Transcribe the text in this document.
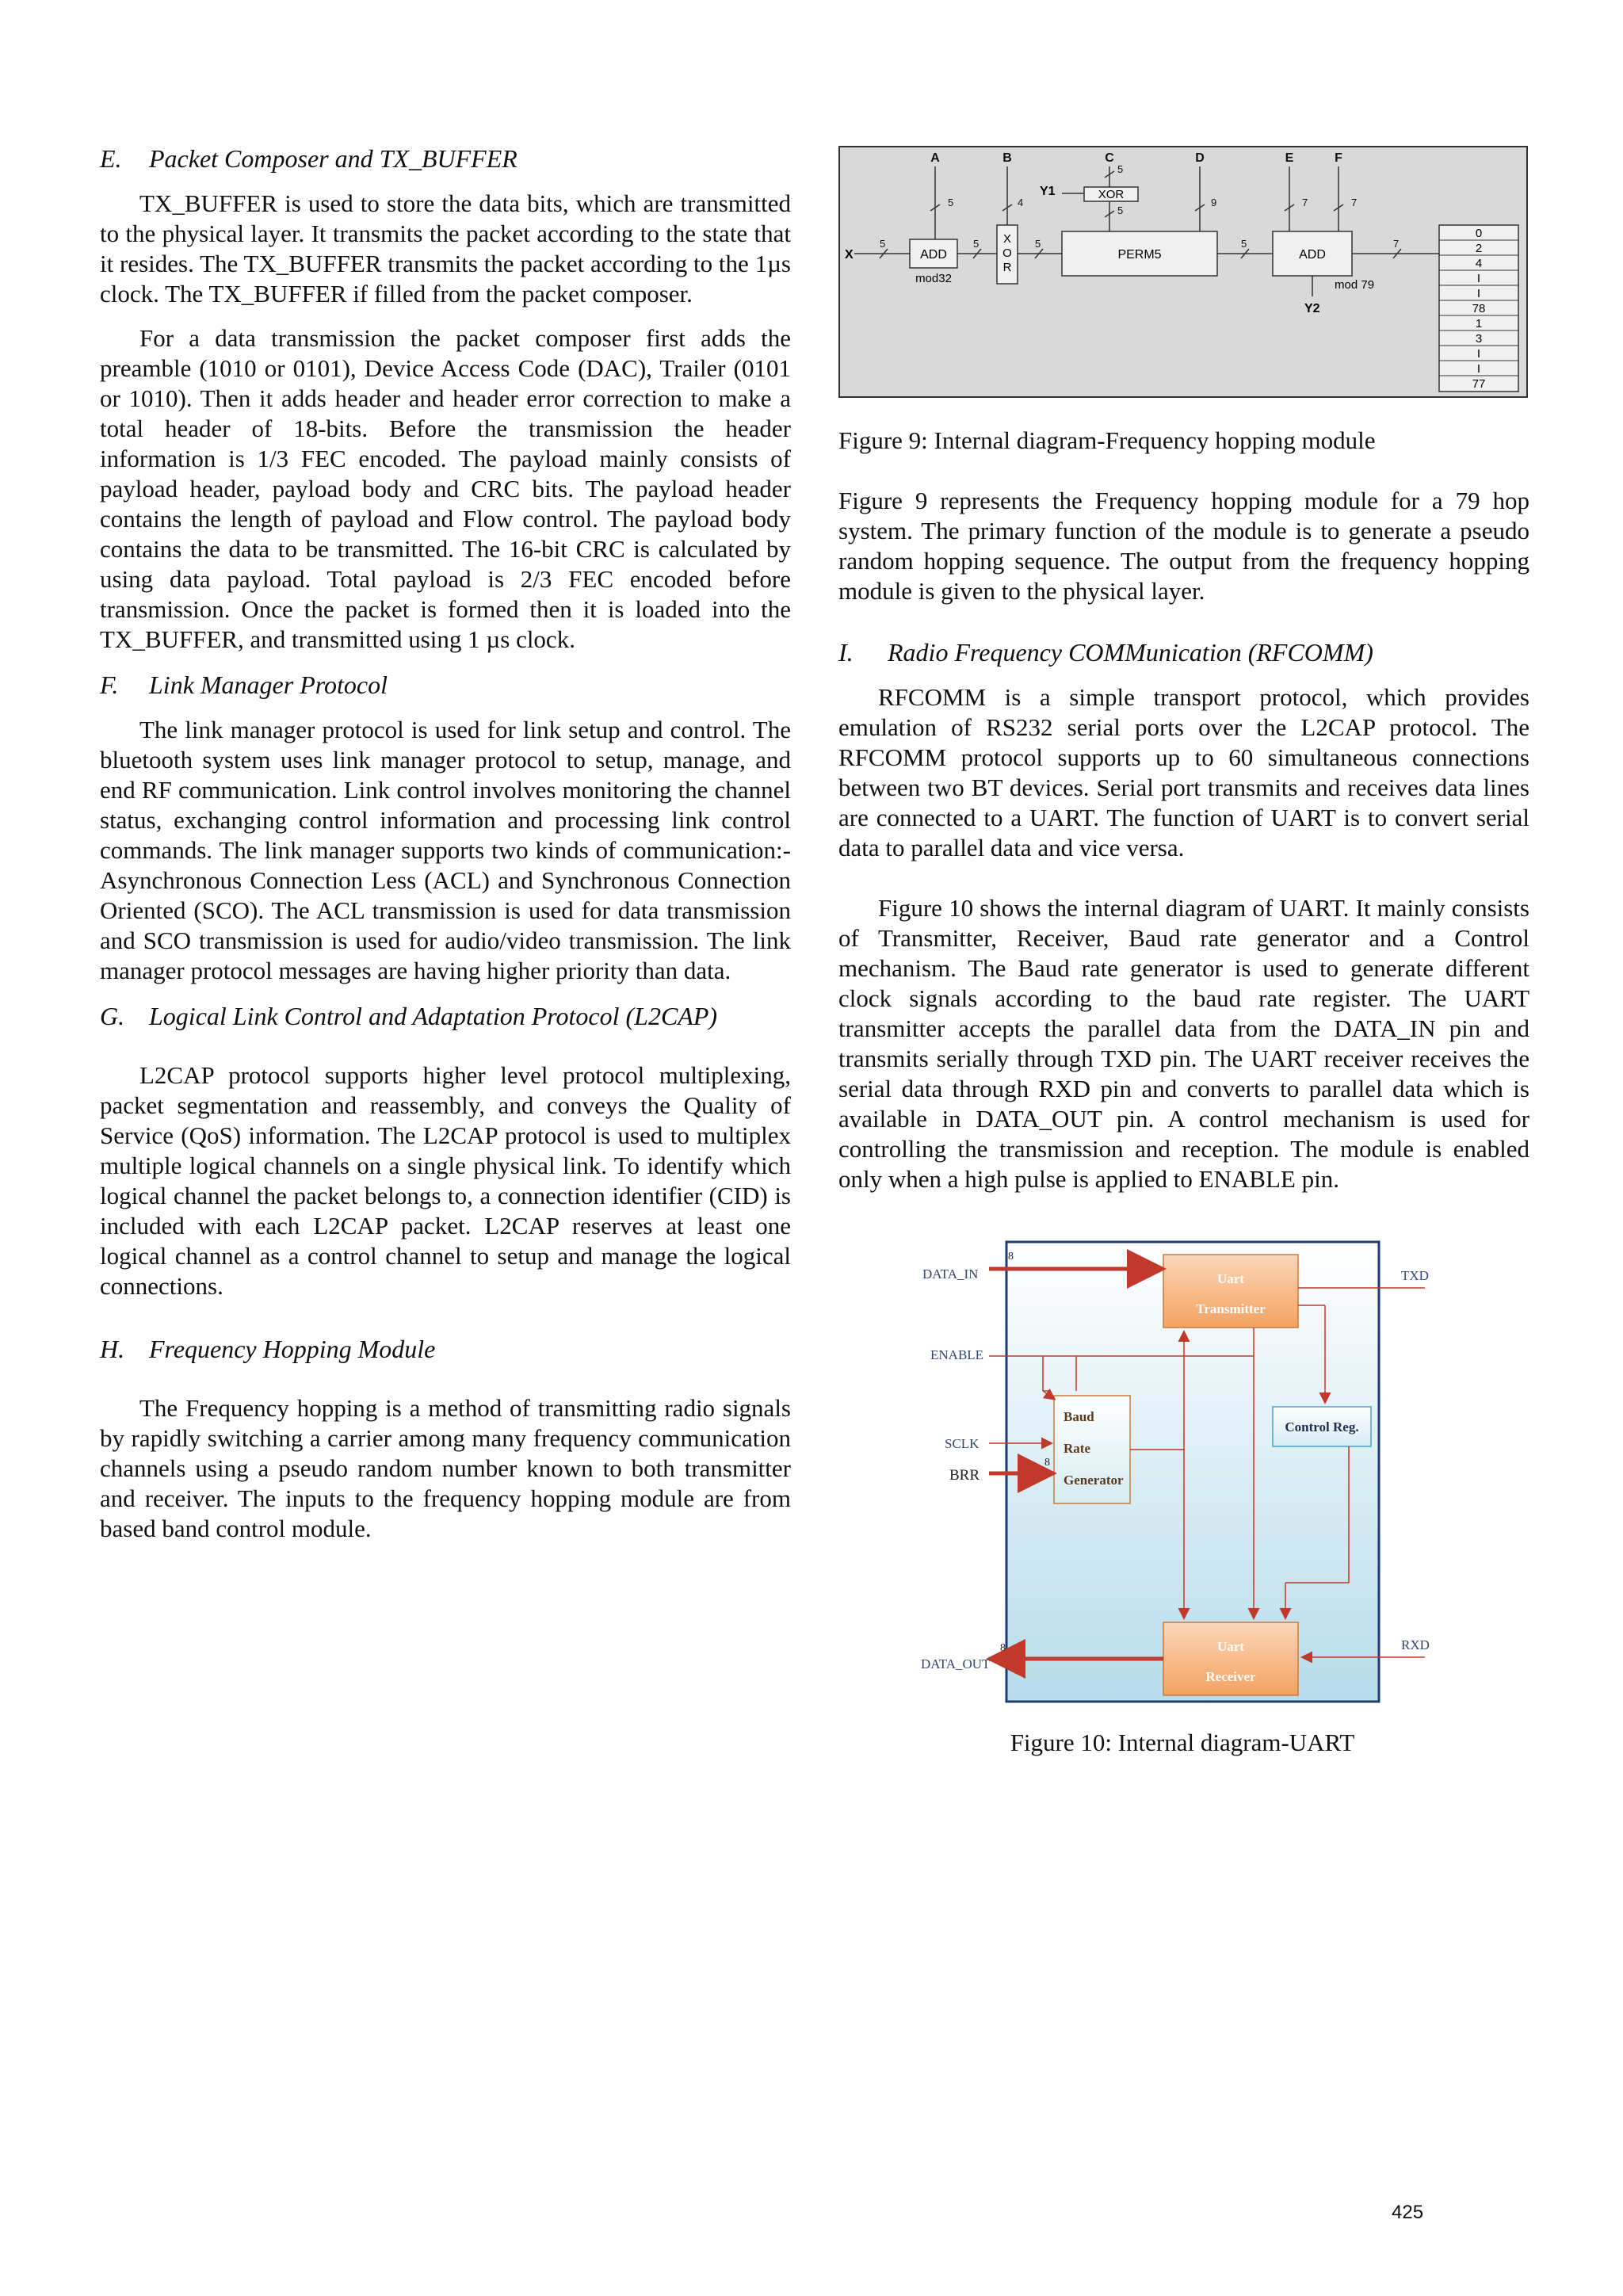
E. Packet Composer and TX_BUFFER

TX_BUFFER is used to store the data bits, which are transmitted to the physical layer. It transmits the packet according to the state that it resides. The TX_BUFFER transmits the packet according to the 1µs clock. The TX_BUFFER if filled from the packet composer.

For a data transmission the packet composer first adds the preamble (1010 or 0101), Device Access Code (DAC), Trailer (0101 or 1010). Then it adds header and header error correction to make a total header of 18-bits. Before the transmission the header information is 1/3 FEC encoded. The payload mainly consists of payload header, payload body and CRC bits. The payload header contains the length of payload and Flow control. The payload body contains the data to be transmitted. The 16-bit CRC is calculated by using data payload. Total payload is 2/3 FEC encoded before transmission. Once the packet is formed then it is loaded into the TX_BUFFER, and transmitted using 1 µs clock.

F. Link Manager Protocol

The link manager protocol is used for link setup and control. The bluetooth system uses link manager protocol to setup, manage, and end RF communication. Link control involves monitoring the channel status, exchanging control information and processing link control commands. The link manager supports two kinds of communication:-Asynchronous Connection Less (ACL) and Synchronous Connection Oriented (SCO). The ACL transmission is used for data transmission and SCO transmission is used for audio/video transmission. The link manager protocol messages are having higher priority than data.

G. Logical Link Control and Adaptation Protocol (L2CAP)

L2CAP protocol supports higher level protocol multiplexing, packet segmentation and reassembly, and conveys the Quality of Service (QoS) information. The L2CAP protocol is used to multiplex multiple logical channels on a single physical link. To identify which logical channel the packet belongs to, a connection identifier (CID) is included with each L2CAP packet. L2CAP reserves at least one logical channel as a control channel to setup and manage the logical connections.

H. Frequency Hopping Module

The Frequency hopping is a method of transmitting radio signals by rapidly switching a carrier among many frequency communication channels using a pseudo random number known to both transmitter and receiver. The inputs to the frequency hopping module are from based band control module.

A	B	C	D	E	F
5	4
5
5
9	7	7
5	5	5	5	7
X
Y1
Y2
ADD
mod32
X
O
R
XOR
PERM5	ADD
mod 79
0
2
4
I
I
78
1
3
I
I
77
Figure 9: Internal diagram-Frequency hopping module

Figure 9 represents the Frequency hopping module for a 79 hop system. The primary function of the module is to generate a pseudo random hopping sequence. The output from the frequency hopping module is given to the physical layer.

I. Radio Frequency COMMunication (RFCOMM)

RFCOMM is a simple transport protocol, which provides emulation of RS232 serial ports over the L2CAP protocol. The RFCOMM protocol supports up to 60 simultaneous connections between two BT devices. Serial port transmits and receives data lines are connected to a UART. The function of UART is to convert serial data to parallel data and vice versa.

Figure 10 shows the internal diagram of UART. It mainly consists of Transmitter, Receiver, Baud rate generator and a Control mechanism. The Baud rate generator is used to generate different clock signals according to the baud rate register. The UART transmitter accepts the parallel data from the DATA_IN pin and transmits serially through TXD pin. The UART receiver receives the serial data through RXD pin and converts to parallel data which is available in DATA_OUT pin. A control mechanism is used for controlling the transmission and reception. The module is enabled only when a high pulse is applied to ENABLE pin.

Uart
Transmitter
Baud
Rate
Generator
Control Reg.
Uart
Receiver
DATA_IN
ENABLE
SCLK
BRR
DATA_OUT
TXD
RXD
8
8
8
Figure 10: Internal diagram-UART
425
